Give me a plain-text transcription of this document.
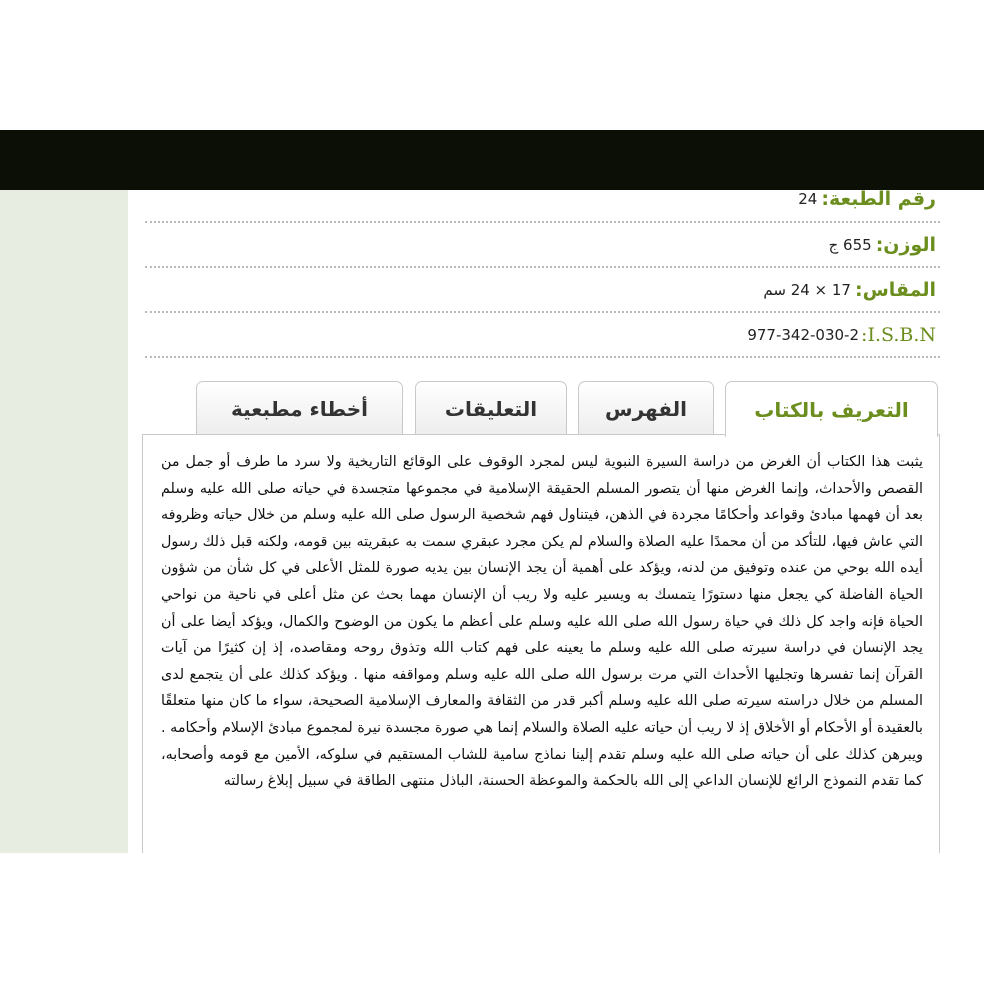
رقم الطبعة:
24
الوزن:
655 ج
المقاس:
17 × 24 سم
I.S.B.N:
977-342-030-2
التعريف بالكتاب
الفهرس
التعليقات
أخطاء مطبعية

يثبت هذا الكتاب أن الغرض من دراسة السيرة النبوية ليس لمجرد الوقوف على الوقائع التاريخية ولا سرد ما طرف أو جمل من القصص والأحداث، وإنما الغرض منها أن يتصور المسلم الحقيقة الإسلامية في مجموعها متجسدة في حياته صلى الله عليه وسلم بعد أن فهمها مبادئ وقواعد وأحكامًا مجردة في الذهن، فيتناول فهم شخصية الرسول صلى الله عليه وسلم من خلال حياته وظروفه التي عاش فيها، للتأكد من أن محمدًا عليه الصلاة والسلام لم يكن مجرد عبقري سمت به عبقريته بين قومه، ولكنه قبل ذلك رسول أيده الله بوحي من عنده وتوفيق من لدنه، ويؤكد على أهمية أن يجد الإنسان بين يديه صورة للمثل الأعلى في كل شأن من شؤون الحياة الفاضلة كي يجعل منها دستورًا يتمسك به ويسير عليه ولا ريب أن الإنسان مهما بحث عن مثل أعلى في ناحية من نواحي الحياة فإنه واجد كل ذلك في حياة رسول الله صلى الله عليه وسلم على أعظم ما يكون من الوضوح والكمال، ويؤكد أيضا على أن يجد الإنسان في دراسة سيرته صلى الله عليه وسلم ما يعينه على فهم كتاب الله وتذوق روحه ومقاصده، إذ إن كثيرًا من آيات القرآن إنما تفسرها وتجليها الأحداث التي مرت برسول الله صلى الله عليه وسلم ومواقفه منها . ويؤكد كذلك على أن يتجمع لدى المسلم من خلال دراسته سيرته صلى الله عليه وسلم أكبر قدر من الثقافة والمعارف الإسلامية الصحيحة، سواء ما كان منها متعلقًا بالعقيدة أو الأحكام أو الأخلاق إذ لا ريب أن حياته عليه الصلاة والسلام إنما هي صورة مجسدة نيرة لمجموع مبادئ الإسلام وأحكامه . ويبرهن كذلك على أن حياته صلى الله عليه وسلم تقدم إلينا نماذج سامية للشاب المستقيم في سلوكه، الأمين مع قومه وأصحابه، كما تقدم النموذج الرائع للإنسان الداعي إلى الله بالحكمة والموعظة الحسنة، الباذل منتهى الطاقة في سبيل إبلاغ رسالته
